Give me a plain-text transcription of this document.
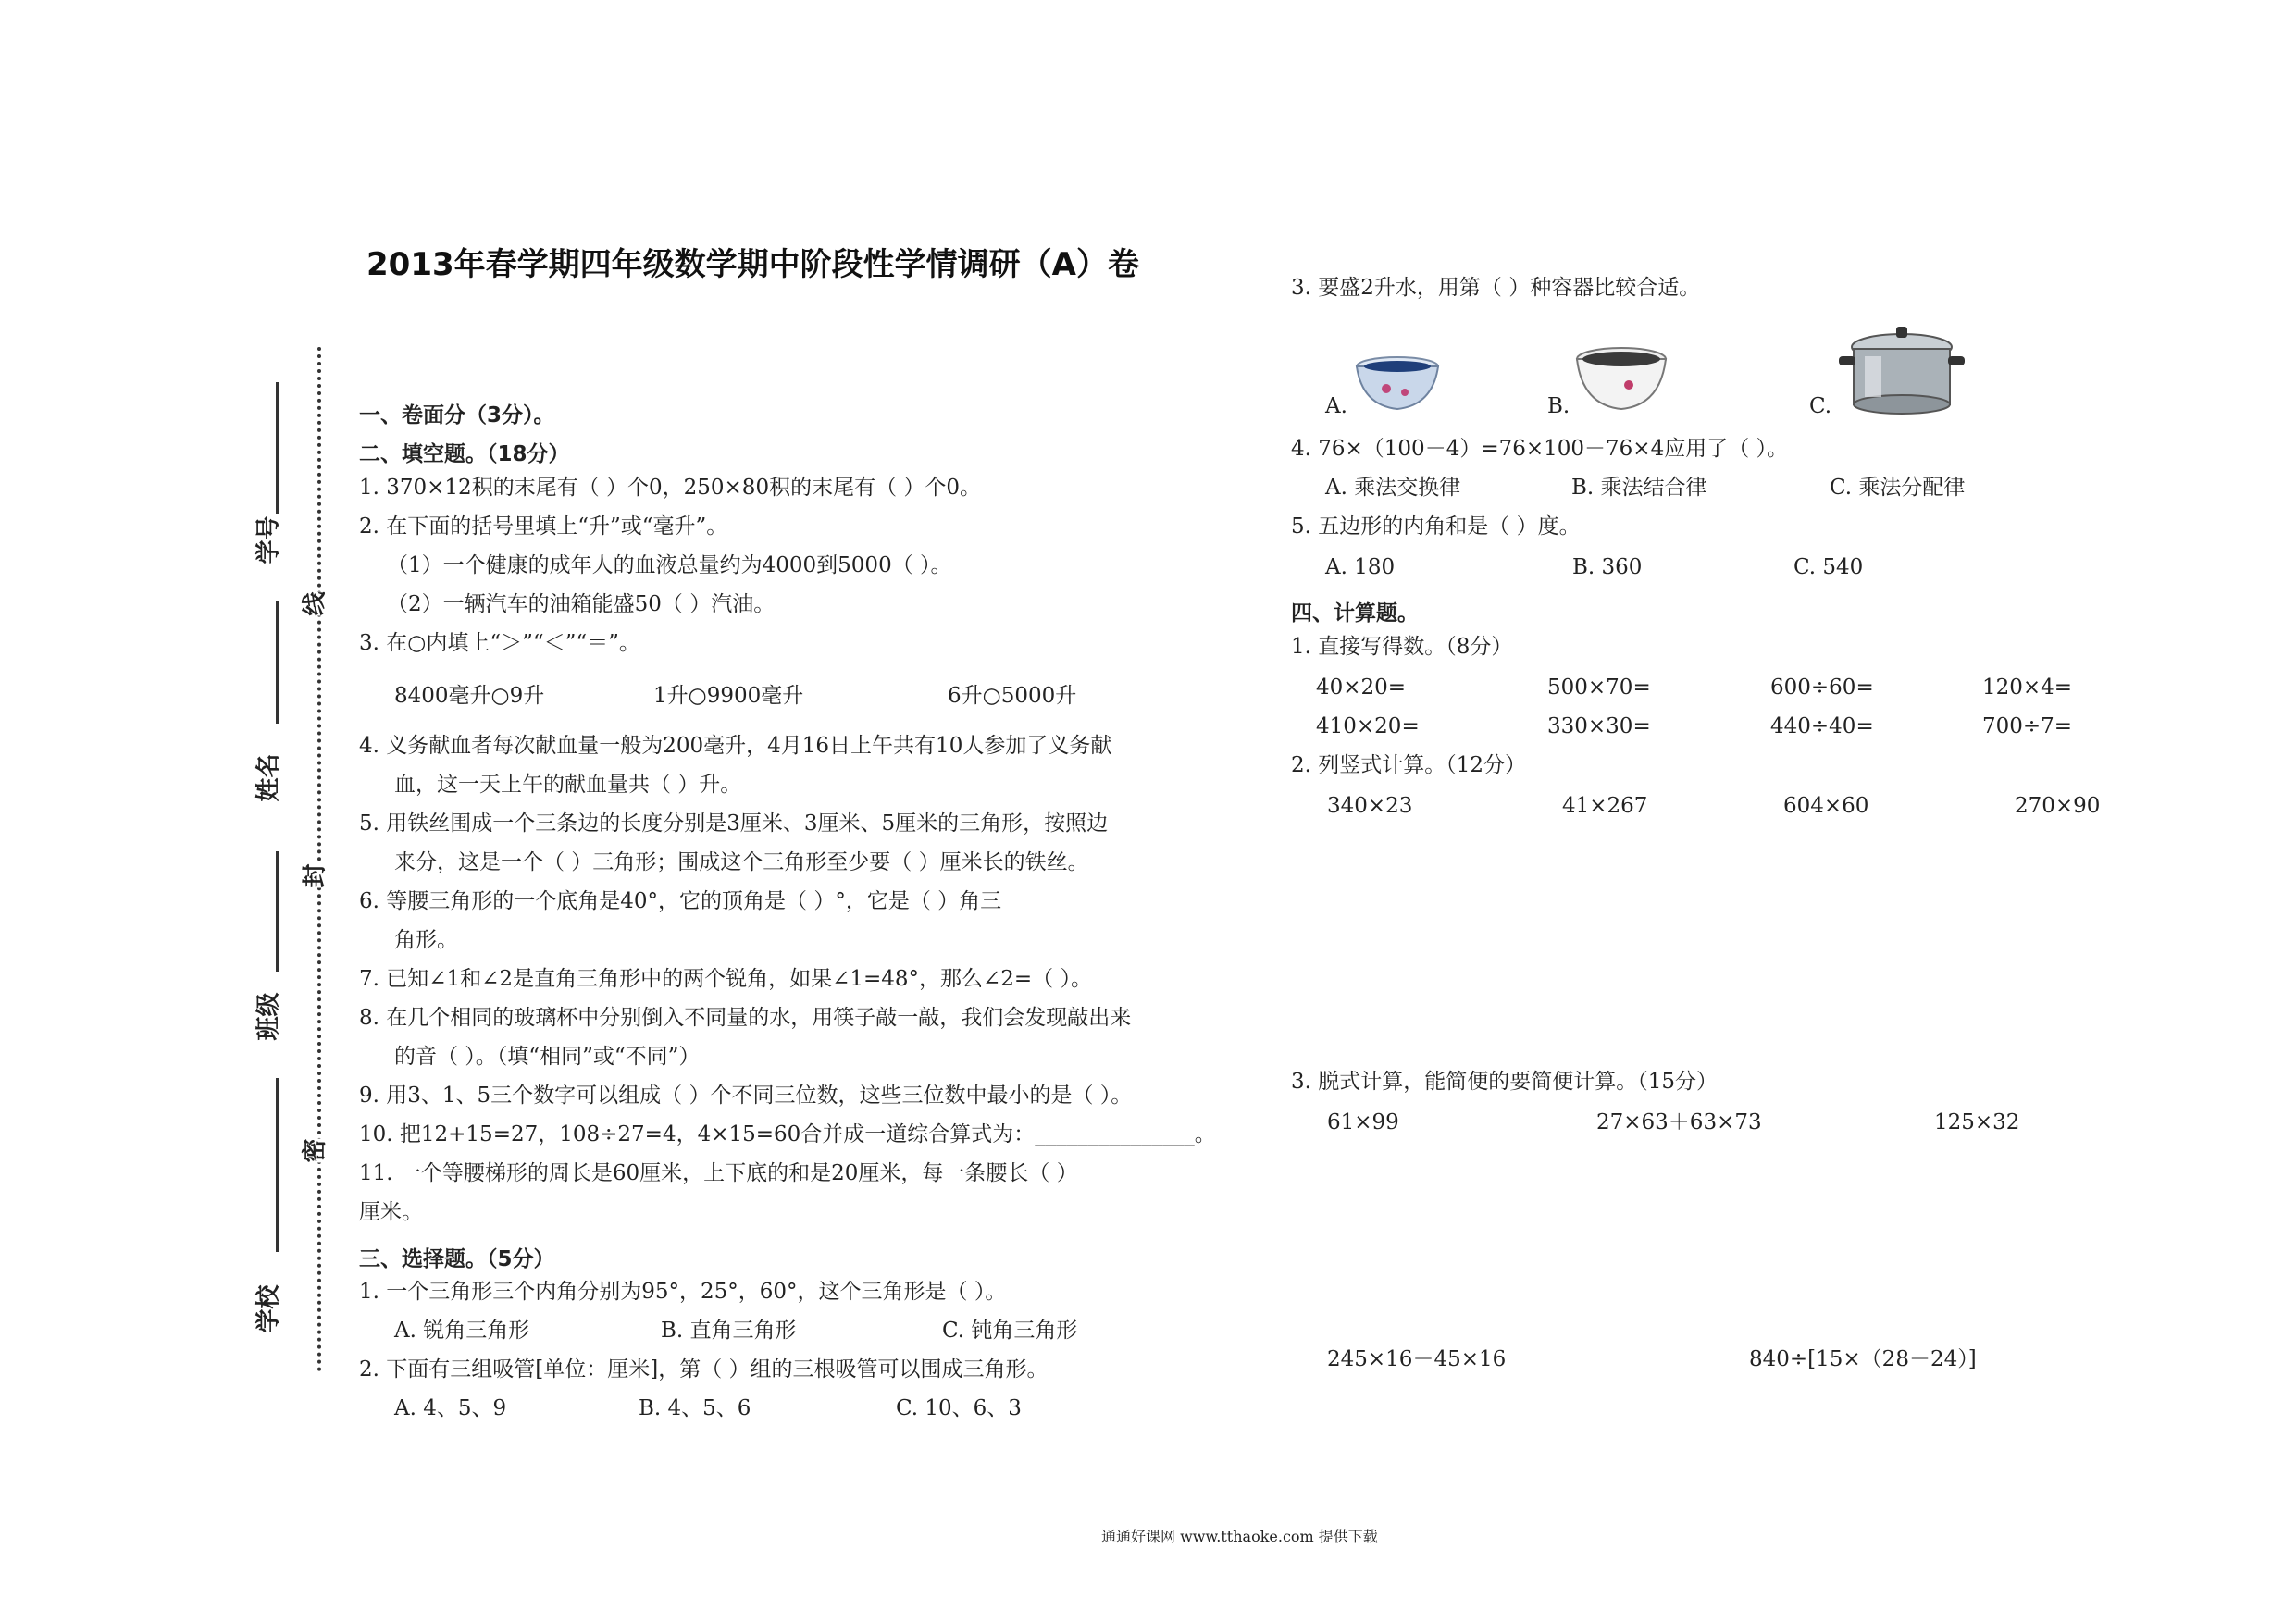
2013年春学期四年级数学期中阶段性学情调研（A）卷
学号
姓名
班级
学校
线
封
密
一、卷面分（3分）。
二、填空题。（18分）
1. 370×12积的末尾有（ ）个0，250×80积的末尾有（ ）个0。
2. 在下面的括号里填上“升”或“毫升”。
（1）一个健康的成年人的血液总量约为4000到5000（ ）。
（2）一辆汽车的油箱能盛50（ ）汽油。
3. 在○内填上“＞”“＜”“＝”。
8400毫升○9升	1升○9900毫升	6升○5000升
4. 义务献血者每次献血量一般为200毫升，4月16日上午共有10人参加了义务献
血，这一天上午的献血量共（ ）升。
5. 用铁丝围成一个三条边的长度分别是3厘米、3厘米、5厘米的三角形，按照边
来分，这是一个（ ）三角形；围成这个三角形至少要（ ）厘米长的铁丝。
6. 等腰三角形的一个底角是40°，它的顶角是（ ）°，它是（ ）角三
角形。
7. 已知∠1和∠2是直角三角形中的两个锐角，如果∠1=48°，那么∠2=（ ）。
8. 在几个相同的玻璃杯中分别倒入不同量的水，用筷子敲一敲，我们会发现敲出来
的音（ ）。（填“相同”或“不同”）
9. 用3、1、5三个数字可以组成（ ）个不同三位数，这些三位数中最小的是（ ）。
10. 把12+15=27，108÷27=4，4×15=60合并成一道综合算式为：_______________。
11. 一个等腰梯形的周长是60厘米，上下底的和是20厘米，每一条腰长（ ）
厘米。
三、选择题。（5分）
1. 一个三角形三个内角分别为95°，25°，60°，这个三角形是（ ）。
A. 锐角三角形	B. 直角三角形	C. 钝角三角形
2. 下面有三组吸管[单位：厘米]，第（ ）组的三根吸管可以围成三角形。
A. 4、5、9	B. 4、5、6	C. 10、6、3
3. 要盛2升水，用第（ ）种容器比较合适。
A.	B.	C.
4. 76×（100－4）=76×100－76×4应用了（ ）。
A. 乘法交换律	B. 乘法结合律	C. 乘法分配律
5. 五边形的内角和是（ ）度。
A. 180	B. 360	C. 540
四、计算题。
1. 直接写得数。（8分）
40×20=	500×70=	600÷60=	120×4=
410×20=	330×30=	440÷40=	700÷7=
2. 列竖式计算。（12分）
340×23	41×267	604×60	270×90
3. 脱式计算，能简便的要简便计算。（15分）
61×99	27×63＋63×73	125×32
245×16－45×16	840÷[15×（28－24）]
通通好课网 www.tthaoke.com 提供下载
